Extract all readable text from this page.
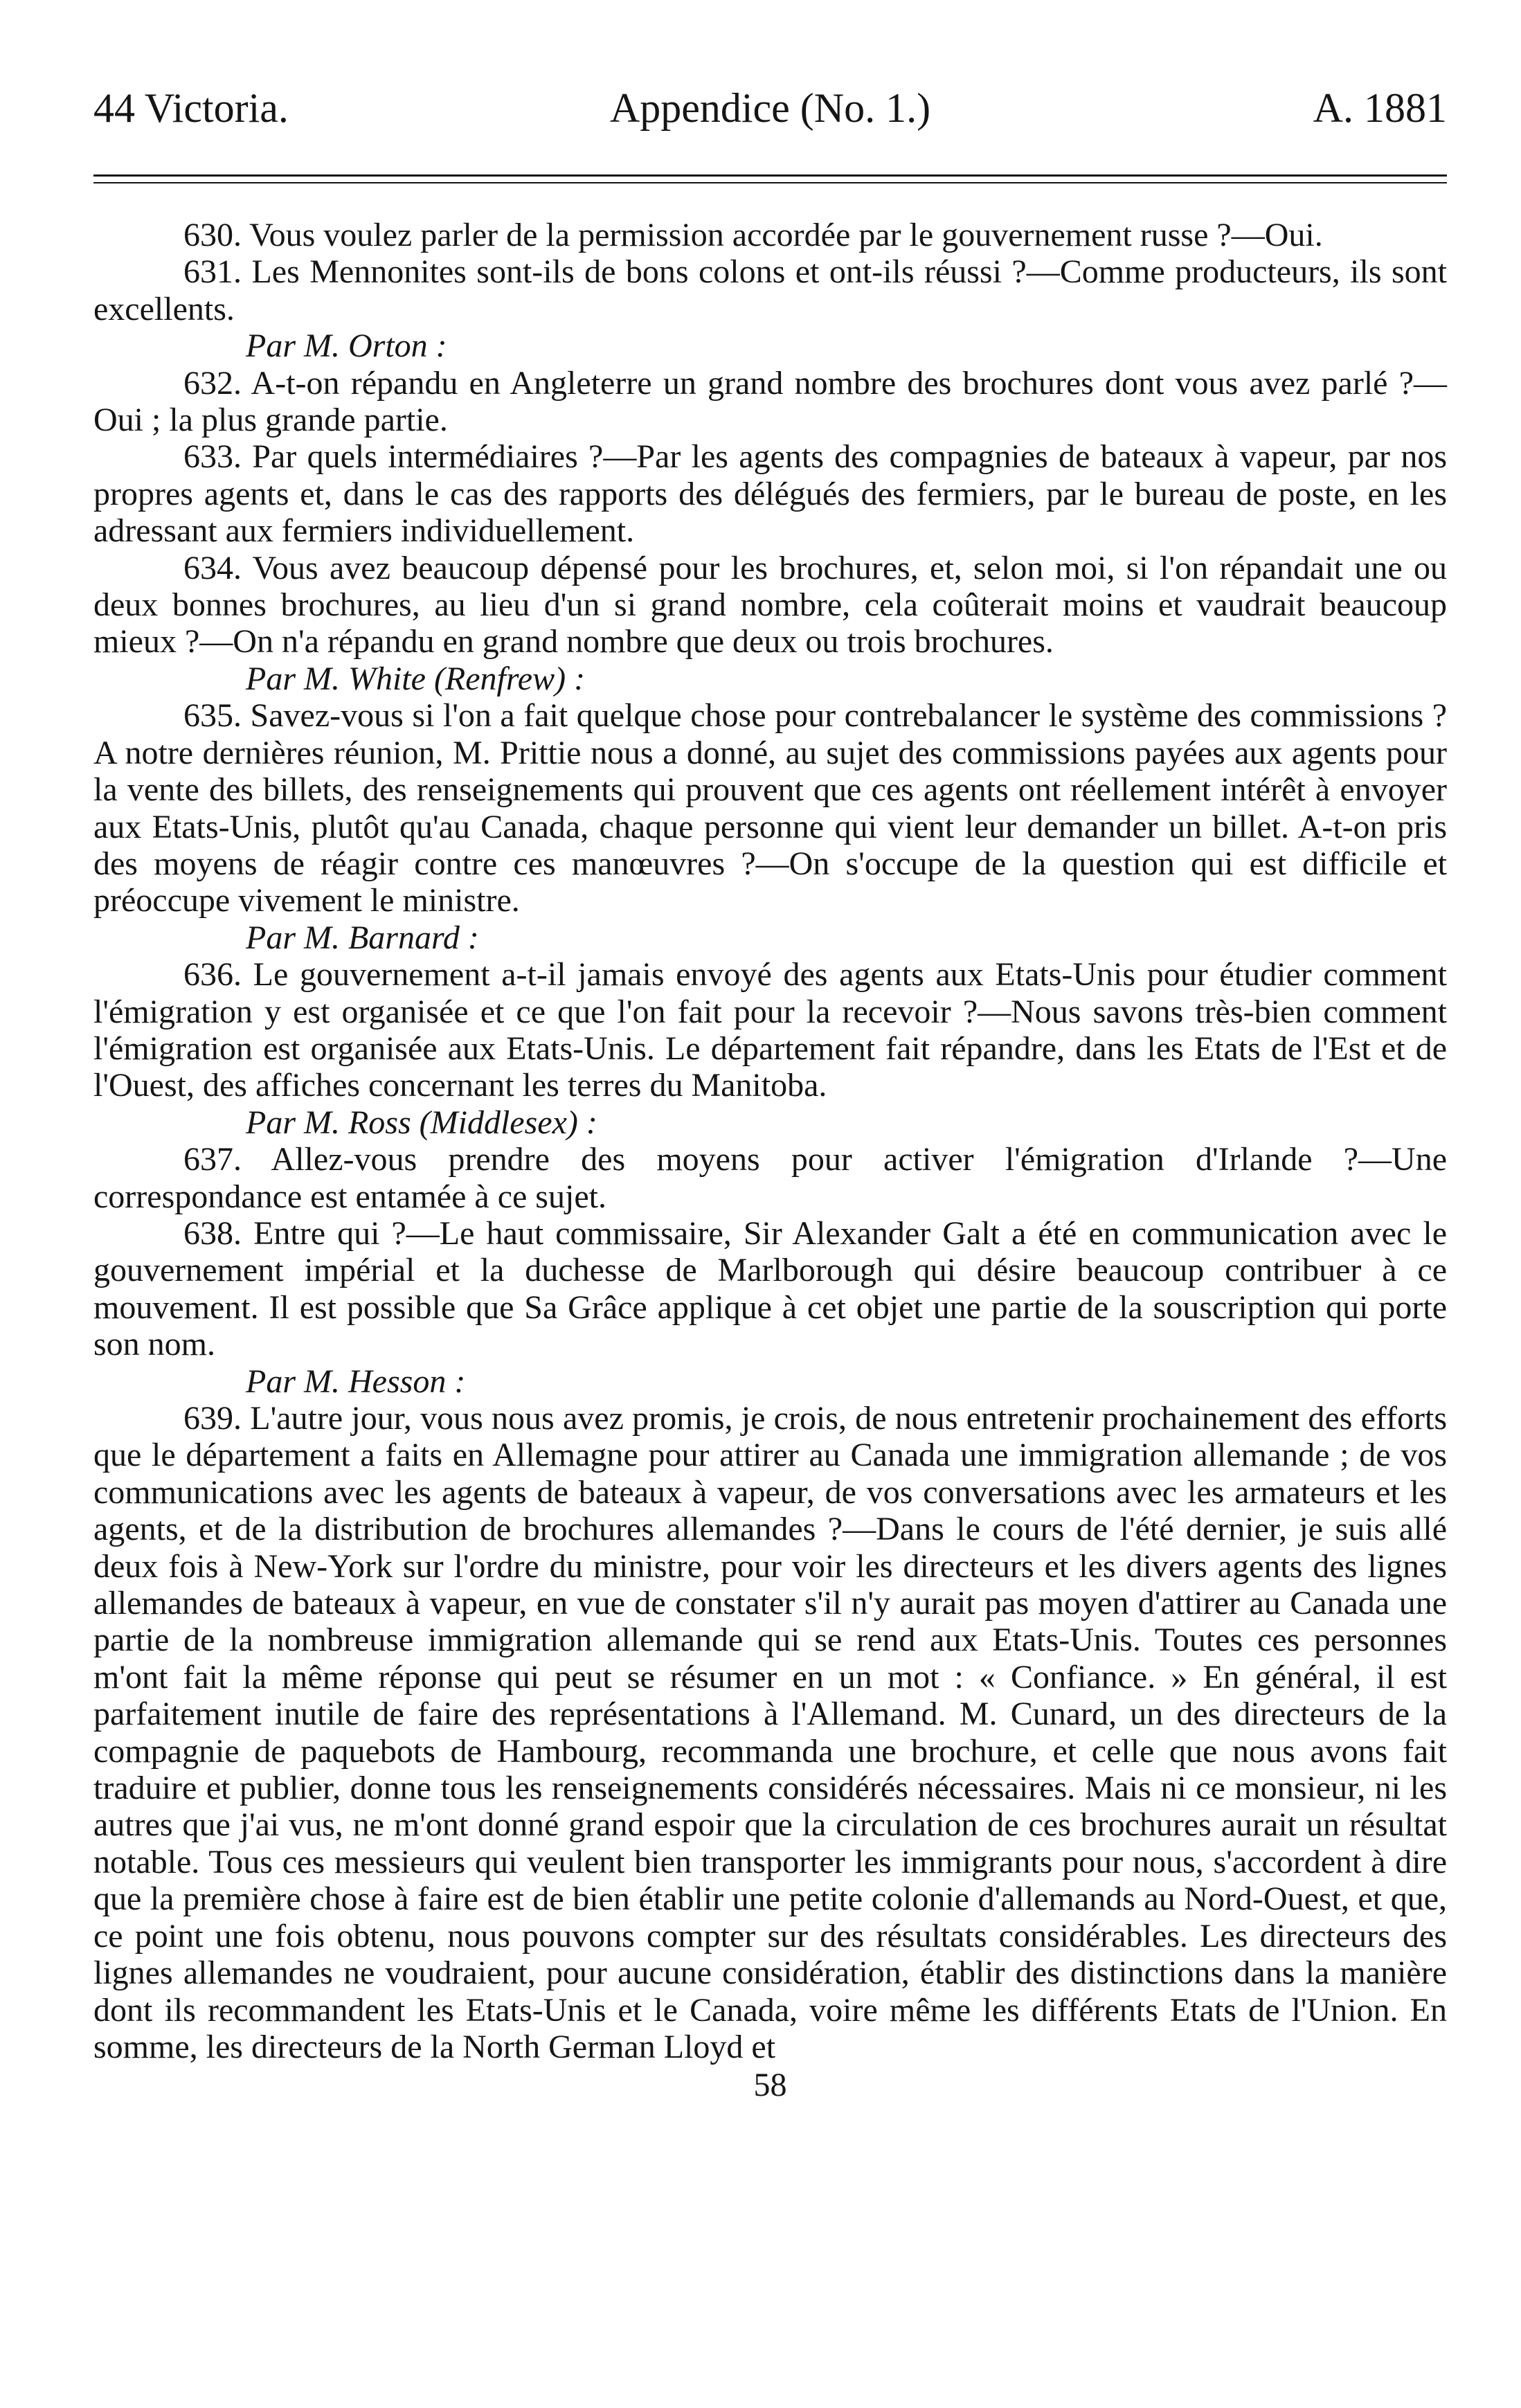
44 Victoria.	Appendice (No. 1.)	A. 1881

630. Vous voulez parler de la permission accordée par le gouvernement russe ?—Oui.

631. Les Mennonites sont-ils de bons colons et ont-ils réussi ?—Comme producteurs, ils sont excellents.

Par M. Orton :

632. A-t-on répandu en Angleterre un grand nombre des brochures dont vous avez parlé ?—Oui ; la plus grande partie.

633. Par quels intermédiaires ?—Par les agents des compagnies de bateaux à vapeur, par nos propres agents et, dans le cas des rapports des délégués des fermiers, par le bureau de poste, en les adressant aux fermiers individuellement.

634. Vous avez beaucoup dépensé pour les brochures, et, selon moi, si l'on répandait une ou deux bonnes brochures, au lieu d'un si grand nombre, cela coûterait moins et vaudrait beaucoup mieux ?—On n'a répandu en grand nombre que deux ou trois brochures.

Par M. White (Renfrew) :

635. Savez-vous si l'on a fait quelque chose pour contrebalancer le système des commissions ? A notre dernières réunion, M. Prittie nous a donné, au sujet des commissions payées aux agents pour la vente des billets, des renseignements qui prouvent que ces agents ont réellement intérêt à envoyer aux Etats-Unis, plutôt qu'au Canada, chaque personne qui vient leur demander un billet. A-t-on pris des moyens de réagir contre ces manœuvres ?—On s'occupe de la question qui est difficile et préoccupe vivement le ministre.

Par M. Barnard :

636. Le gouvernement a-t-il jamais envoyé des agents aux Etats-Unis pour étudier comment l'émigration y est organisée et ce que l'on fait pour la recevoir ?—Nous savons très-bien comment l'émigration est organisée aux Etats-Unis. Le département fait répandre, dans les Etats de l'Est et de l'Ouest, des affiches concernant les terres du Manitoba.

Par M. Ross (Middlesex) :

637. Allez-vous prendre des moyens pour activer l'émigration d'Irlande ?—Une correspondance est entamée à ce sujet.

638. Entre qui ?—Le haut commissaire, Sir Alexander Galt a été en communication avec le gouvernement impérial et la duchesse de Marlborough qui désire beaucoup contribuer à ce mouvement. Il est possible que Sa Grâce applique à cet objet une partie de la souscription qui porte son nom.

Par M. Hesson :

639. L'autre jour, vous nous avez promis, je crois, de nous entretenir prochainement des efforts que le département a faits en Allemagne pour attirer au Canada une immigration allemande ; de vos communications avec les agents de bateaux à vapeur, de vos conversations avec les armateurs et les agents, et de la distribution de brochures allemandes ?—Dans le cours de l'été dernier, je suis allé deux fois à New-York sur l'ordre du ministre, pour voir les directeurs et les divers agents des lignes allemandes de bateaux à vapeur, en vue de constater s'il n'y aurait pas moyen d'attirer au Canada une partie de la nombreuse immigration allemande qui se rend aux Etats-Unis. Toutes ces personnes m'ont fait la même réponse qui peut se résumer en un mot : « Confiance. » En général, il est parfaitement inutile de faire des représentations à l'Allemand. M. Cunard, un des directeurs de la compagnie de paquebots de Hambourg, recommanda une brochure, et celle que nous avons fait traduire et publier, donne tous les renseignements considérés nécessaires. Mais ni ce monsieur, ni les autres que j'ai vus, ne m'ont donné grand espoir que la circulation de ces brochures aurait un résultat notable. Tous ces messieurs qui veulent bien transporter les immigrants pour nous, s'accordent à dire que la première chose à faire est de bien établir une petite colonie d'allemands au Nord-Ouest, et que, ce point une fois obtenu, nous pouvons compter sur des résultats considérables. Les directeurs des lignes allemandes ne voudraient, pour aucune considération, établir des distinctions dans la manière dont ils recommandent les Etats-Unis et le Canada, voire même les différents Etats de l'Union. En somme, les directeurs de la North German Lloyd et

58
